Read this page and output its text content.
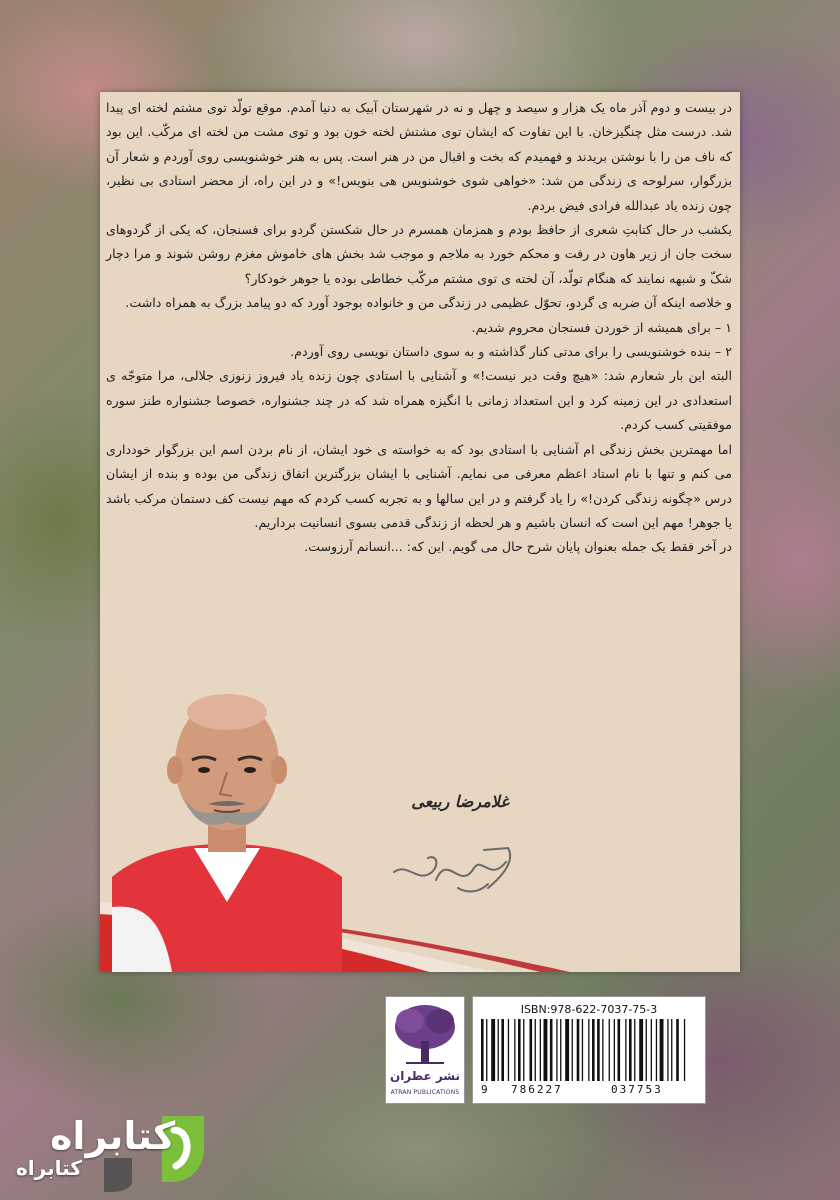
در بیست و دوم آذر ماه یک هزار و سیصد و چهل و نه در شهرستان آبیک به دنیا آمدم. موقع تولّد توی مشتم لخته ای پیدا شد. درست مثل چنگیزخان. با این تفاوت که ایشان توی مشتش لخته خون بود و توی مشت من لخته ای مرکّب. این بود که ناف من را با نوشتن بریدند و فهمیدم که بخت و اقبال من در هنر است. پس به هنر خوشنویسی روی آوردم و شعار آن بزرگوار، سرلوحه ی زندگی من شد: «خواهی شوی خوشنویس هی بنویس!» و در این راه، از محضر استادی بی نظیر، چون زنده یاد عبدالله فرادی فیض بردم.

یکشب در حال کتابتِ شعری از حافظ بودم و همزمان همسرم در حال شکستن گردو برای فسنجان، که یکی از گردوهای سخت جان از زیر هاون در رفت و محکم خورد به ملاجم و موجب شد بخش های خاموش مغزم روشن شوند و مرا دچار شکّ و شبهه نمایند که هنگام تولّد، آن لخته ی توی مشتم مرکّب خطاطی بوده یا جوهر خودکار؟

و خلاصه اینکه آن ضربه ی گردو، تحوّل عظیمی در زندگی من و خانواده بوجود آورد که دو پیامد بزرگ به همراه داشت.

۱ – برای همیشه از خوردن فسنجان محروم شدیم.

۲ – بنده خوشنویسی را برای مدتی کنار گذاشته و به سوی داستان نویسی روی آوردم.

البته این بار شعارم شد: «هیچ وقت دیر نیست!» و آشنایی با استادی چون زنده یاد فیروز زنوزی جلالی، مرا متوجّه ی استعدادی در این زمینه کرد و این استعداد زمانی با انگیزه همراه شد که در چند جشنواره، خصوصا جشنواره طنز سوره موفقیتی کسب کردم.

اما مهمترین بخش زندگی ام آشنایی با استادی بود که به خواسته ی خود ایشان، از نام بردن اسم این بزرگوار خودداری می کنم و تنها با نام استاد اعظم معرفی می نمایم. آشنایی با ایشان بزرگترین اتفاق زندگی من بوده و بنده از ایشان درس «چگونه زندگی کردن!» را یاد گرفتم و در این سالها و به تجربه کسب کردم که مهم نیست کف دستمان مرکب باشد یا جوهر! مهم این است که انسان باشیم و هر لحظه از زندگی قدمی بسوی انسانیت برداریم.

در آخر فقط یک جمله بعنوان پایان شرح حال می گویم. این که: ...انسانم آرزوست.

غلامرضا ربیعی
نشر عطران
ATRAN PUBLICATIONS
ISBN:978-622-7037-75-3
9 786227	037753
کتابراه
کتابراه
